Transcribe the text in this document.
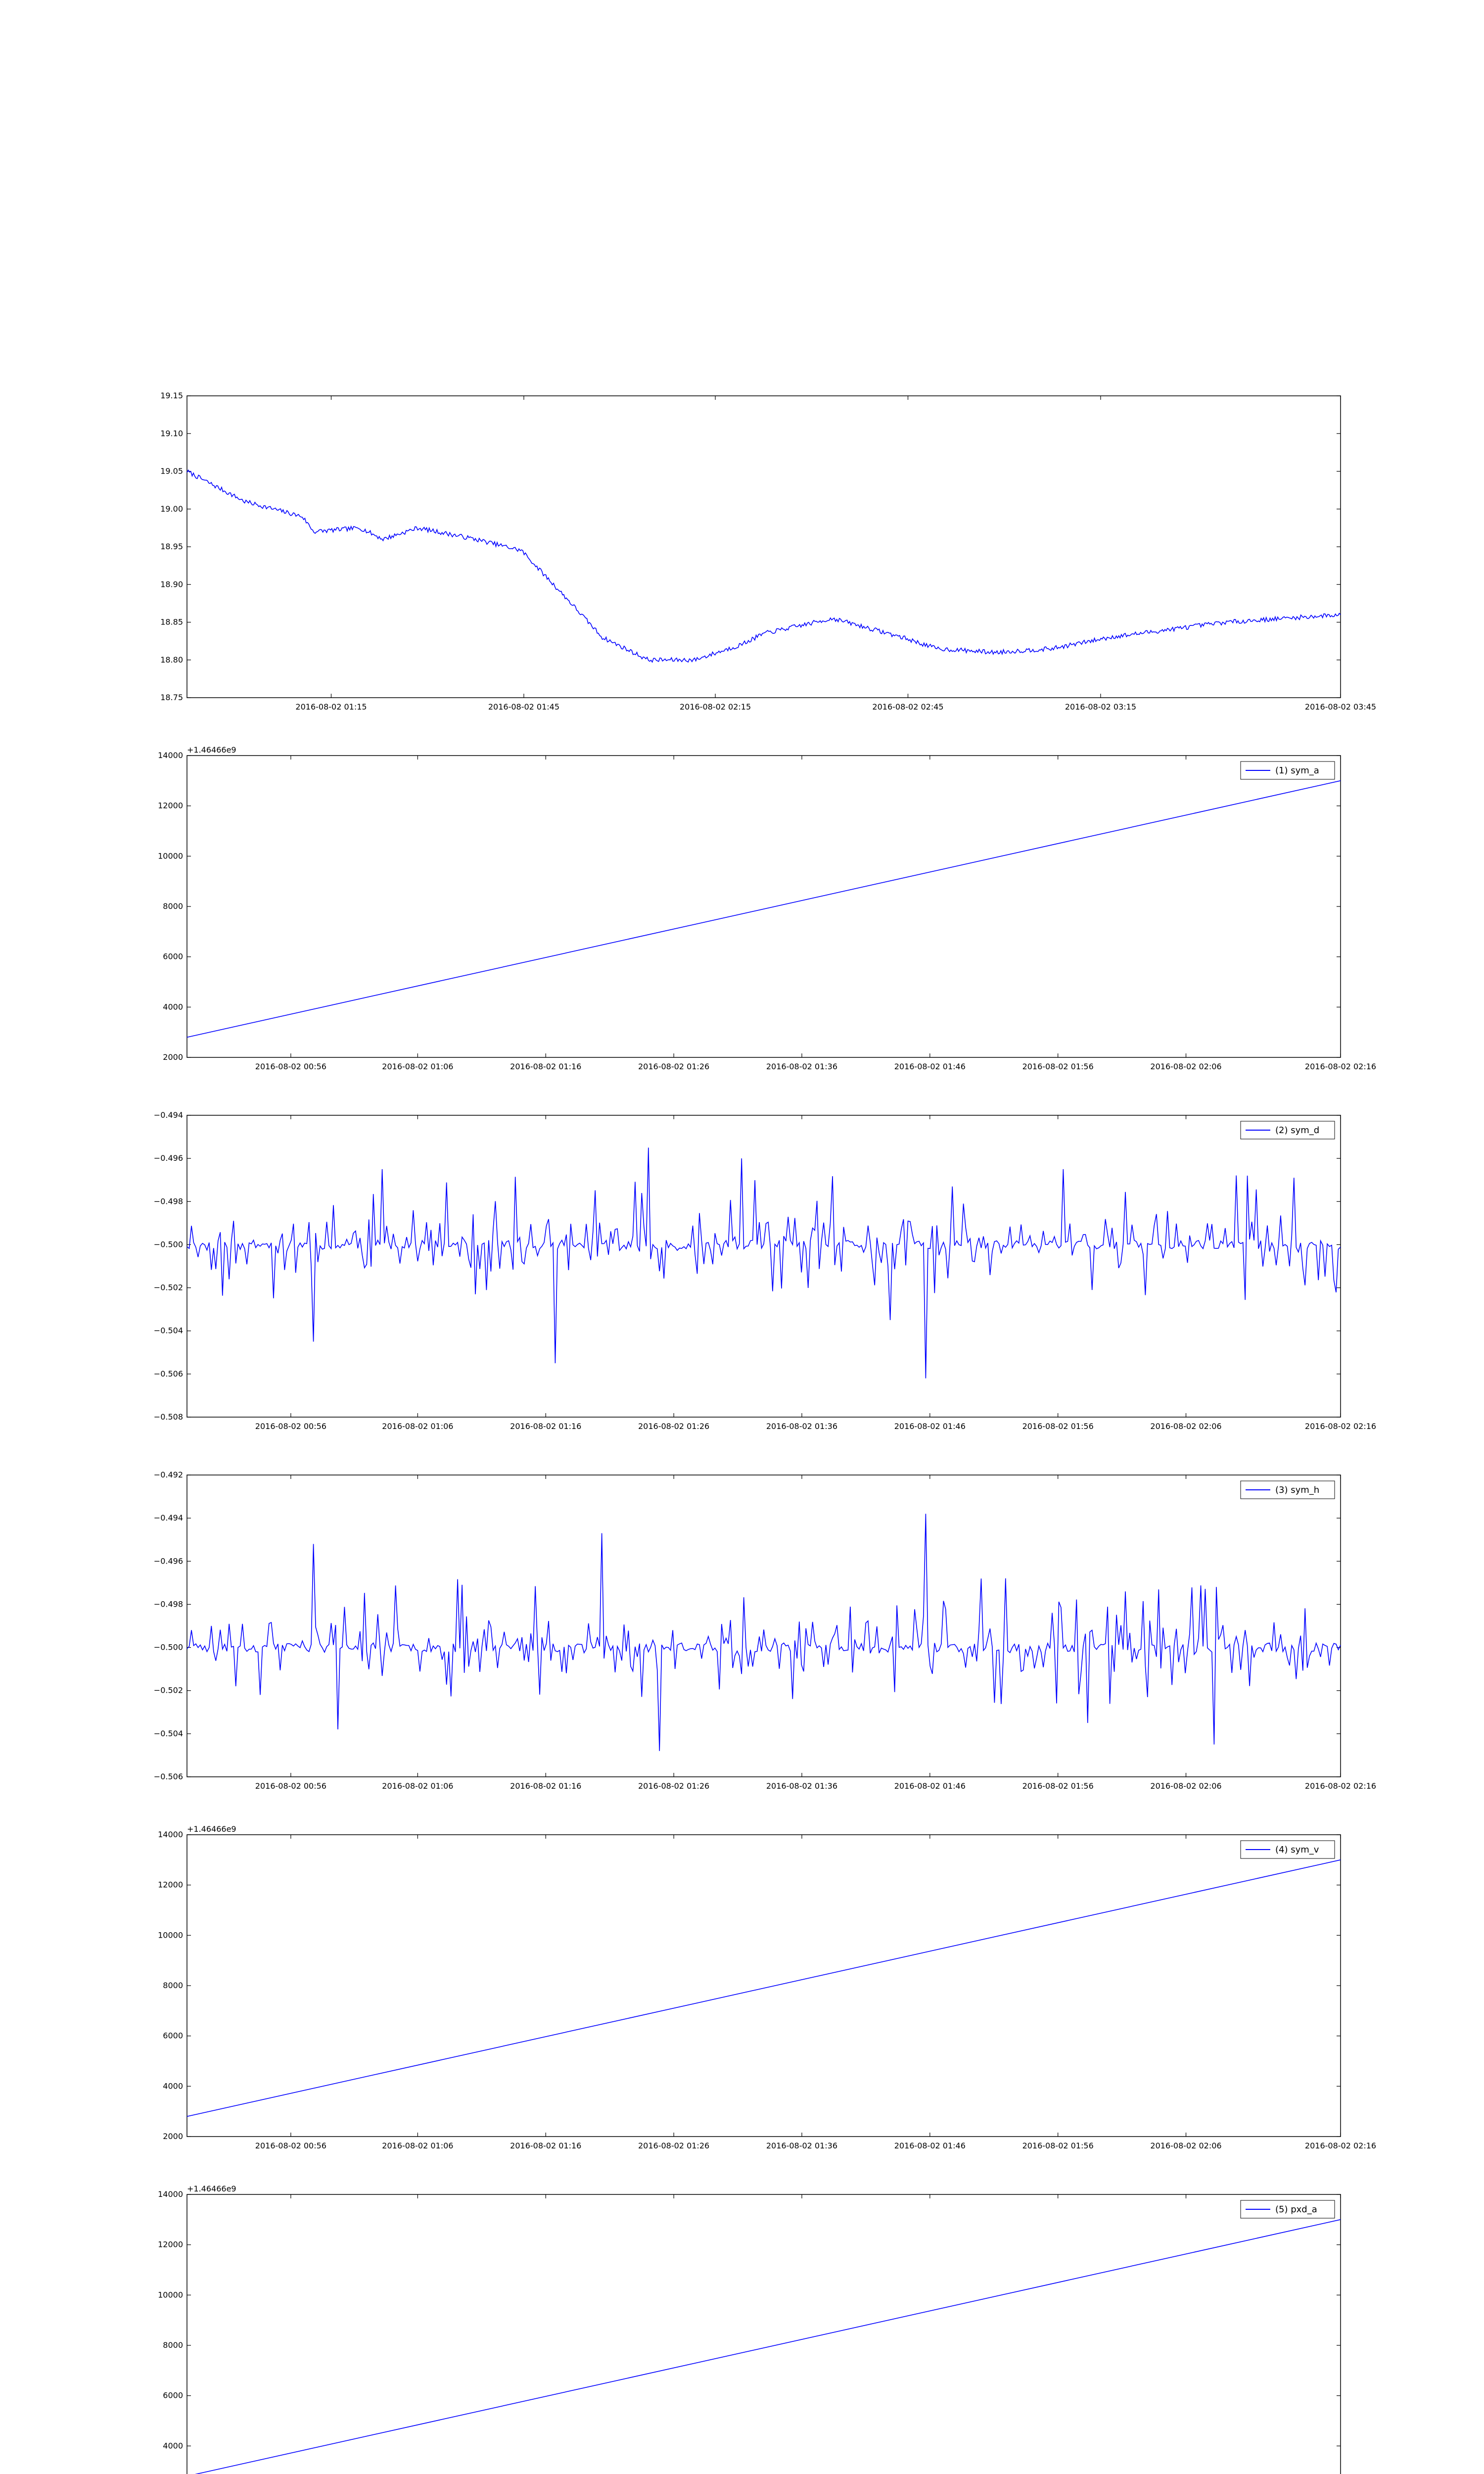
18.75
18.80
18.85
18.90
18.95
19.00
19.05
19.10
19.15
2016-08-02 01:15	2016-08-02 01:45	2016-08-02 02:15	2016-08-02 02:45	2016-08-02 03:15	2016-08-02 03:45
2000
4000
6000
8000
10000
12000
14000
2016-08-02 00:56	2016-08-02 01:06	2016-08-02 01:16	2016-08-02 01:26	2016-08-02 01:36	2016-08-02 01:46	2016-08-02 01:56	2016-08-02 02:06	2016-08-02 02:16
+1.46466e9
(1) sym_a
−0.508
−0.506
−0.504
−0.502
−0.500
−0.498
−0.496
−0.494
2016-08-02 00:56	2016-08-02 01:06	2016-08-02 01:16	2016-08-02 01:26	2016-08-02 01:36	2016-08-02 01:46	2016-08-02 01:56	2016-08-02 02:06	2016-08-02 02:16
(2) sym_d
−0.506
−0.504
−0.502
−0.500
−0.498
−0.496
−0.494
−0.492
2016-08-02 00:56	2016-08-02 01:06	2016-08-02 01:16	2016-08-02 01:26	2016-08-02 01:36	2016-08-02 01:46	2016-08-02 01:56	2016-08-02 02:06	2016-08-02 02:16
(3) sym_h
2000
4000
6000
8000
10000
12000
14000
2016-08-02 00:56	2016-08-02 01:06	2016-08-02 01:16	2016-08-02 01:26	2016-08-02 01:36	2016-08-02 01:46	2016-08-02 01:56	2016-08-02 02:06	2016-08-02 02:16
+1.46466e9
(4) sym_v
4000
6000
8000
10000
12000
14000
+1.46466e9
(5) pxd_a
